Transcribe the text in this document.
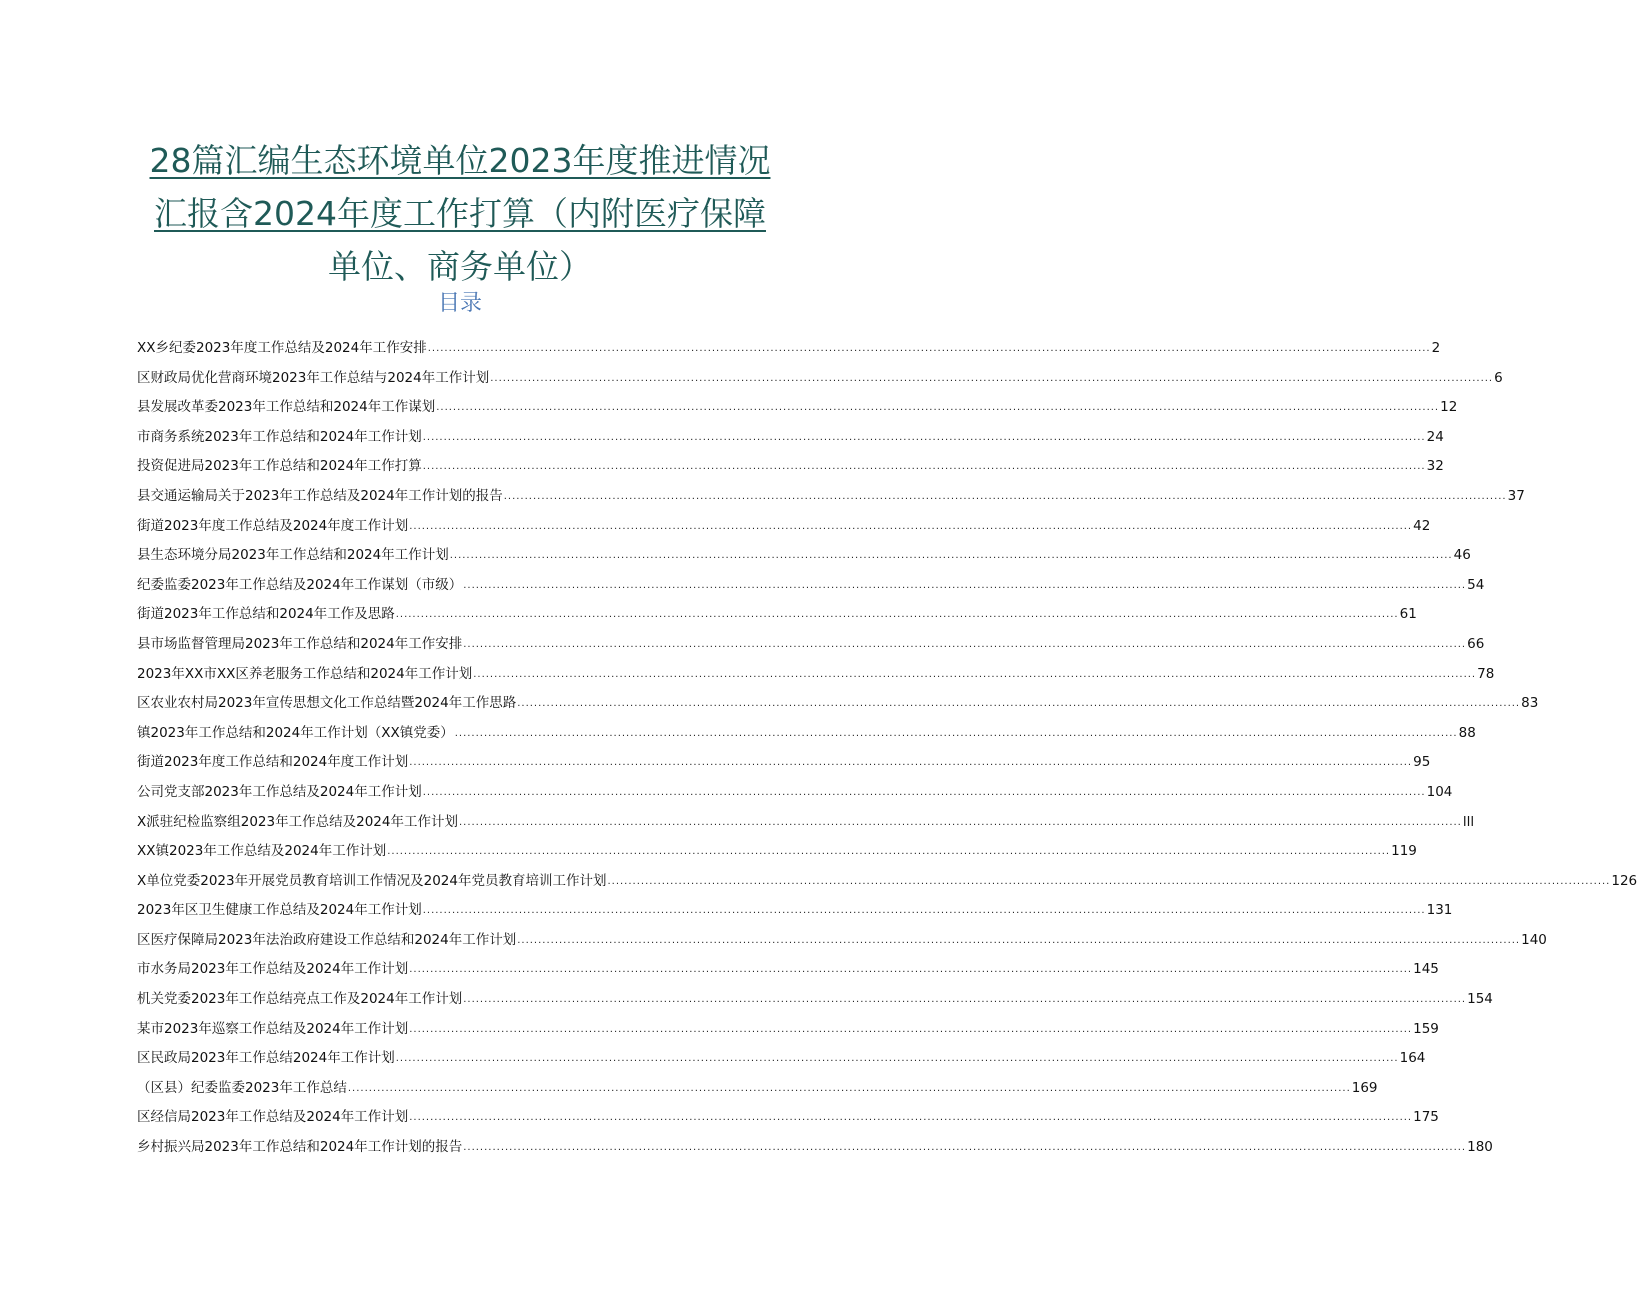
28篇汇编生态环境单位2023年度推进情况
汇报含2024年度工作打算（内附医疗保障
单位、商务单位）
目录
XX乡纪委2023年度工作总结及2024年工作安排 ................................................................................................................................................................................................................................................ 2
区财政局优化营商环境2023年工作总结与2024年工作计划 ................................................................................................................................................................................................................................................ 6
县发展改革委2023年工作总结和2024年工作谋划 ................................................................................................................................................................................................................................................ 12
市商务系统2023年工作总结和2024年工作计划 ................................................................................................................................................................................................................................................ 24
投资促进局2023年工作总结和2024年工作打算 ................................................................................................................................................................................................................................................ 32
县交通运输局关于2023年工作总结及2024年工作计划的报告 ................................................................................................................................................................................................................................................ 37
街道2023年度工作总结及2024年度工作计划 ................................................................................................................................................................................................................................................ 42
县生态环境分局2023年工作总结和2024年工作计划 ................................................................................................................................................................................................................................................ 46
纪委监委2023年工作总结及2024年工作谋划（市级） ................................................................................................................................................................................................................................................ 54
街道2023年工作总结和2024年工作及思路 ................................................................................................................................................................................................................................................ 61
县市场监督管理局2023年工作总结和2024年工作安排 ................................................................................................................................................................................................................................................ 66
2023年XX市XX区养老服务工作总结和2024年工作计划 ................................................................................................................................................................................................................................................ 78
区农业农村局2023年宣传思想文化工作总结暨2024年工作思路 ................................................................................................................................................................................................................................................ 83
镇2023年工作总结和2024年工作计划（XX镇党委） ................................................................................................................................................................................................................................................ 88
街道2023年度工作总结和2024年度工作计划 ................................................................................................................................................................................................................................................ 95
公司党支部2023年工作总结及2024年工作计划 ................................................................................................................................................................................................................................................ 104
X派驻纪检监察组2023年工作总结及2024年工作计划 ................................................................................................................................................................................................................................................ lll
XX镇2023年工作总结及2024年工作计划 ................................................................................................................................................................................................................................................ 119
X单位党委2023年开展党员教育培训工作情况及2024年党员教育培训工作计划 ................................................................................................................................................................................................................................................ 126
2023年区卫生健康工作总结及2024年工作计划 ................................................................................................................................................................................................................................................ 131
区医疗保障局2023年法治政府建设工作总结和2024年工作计划 ................................................................................................................................................................................................................................................ 140
市水务局2023年工作总结及2024年工作计划 ................................................................................................................................................................................................................................................ 145
机关党委2023年工作总结亮点工作及2024年工作计划 ................................................................................................................................................................................................................................................ 154
某市2023年巡察工作总结及2024年工作计划 ................................................................................................................................................................................................................................................ 159
区民政局2023年工作总结2024年工作计划 ................................................................................................................................................................................................................................................ 164
（区县）纪委监委2023年工作总结 ................................................................................................................................................................................................................................................ 169
区经信局2023年工作总结及2024年工作计划 ................................................................................................................................................................................................................................................ 175
乡村振兴局2023年工作总结和2024年工作计划的报告 ................................................................................................................................................................................................................................................ 180
